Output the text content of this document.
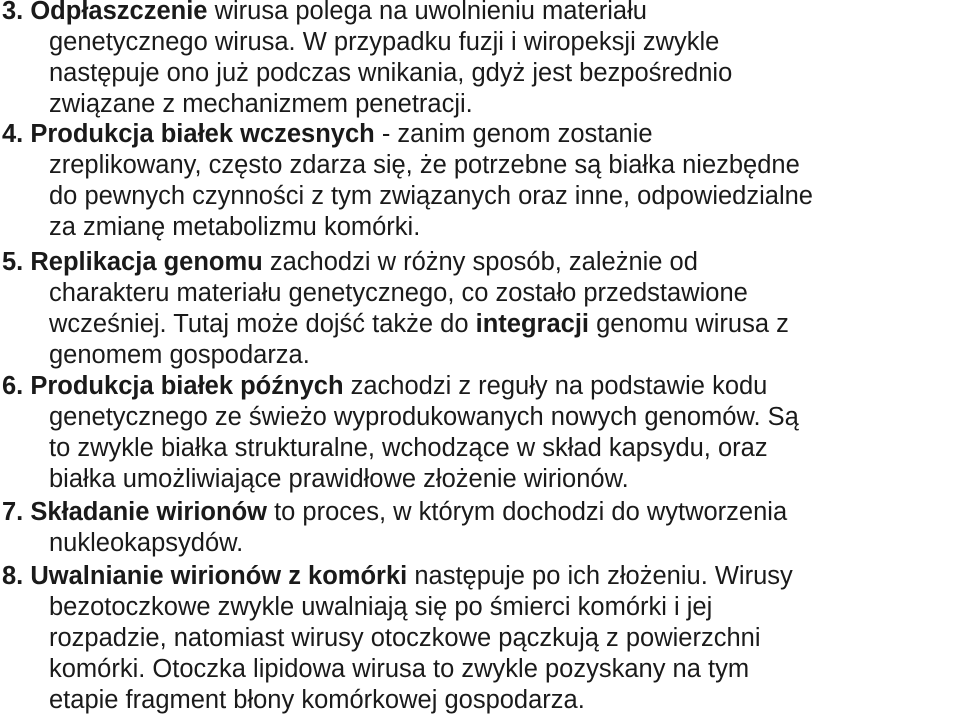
3. Odpłaszczenie wirusa polega na uwolnieniu materiału
genetycznego wirusa. W przypadku fuzji i wiropeksji zwykle
następuje ono już podczas wnikania, gdyż jest bezpośrednio
związane z mechanizmem penetracji.
4. Produkcja białek wczesnych - zanim genom zostanie
zreplikowany, często zdarza się, że potrzebne są białka niezbędne
do pewnych czynności z tym związanych oraz inne, odpowiedzialne
za zmianę metabolizmu komórki.
5. Replikacja genomu zachodzi w różny sposób, zależnie od
charakteru materiału genetycznego, co zostało przedstawione
wcześniej. Tutaj może dojść także do integracji genomu wirusa z
genomem gospodarza.
6. Produkcja białek późnych zachodzi z reguły na podstawie kodu
genetycznego ze świeżo wyprodukowanych nowych genomów. Są
to zwykle białka strukturalne, wchodzące w skład kapsydu, oraz
białka umożliwiające prawidłowe złożenie wirionów.
7. Składanie wirionów to proces, w którym dochodzi do wytworzenia
nukleokapsydów.
8. Uwalnianie wirionów z komórki następuje po ich złożeniu. Wirusy
bezotoczkowe zwykle uwalniają się po śmierci komórki i jej
rozpadzie, natomiast wirusy otoczkowe pączkują z powierzchni
komórki. Otoczka lipidowa wirusa to zwykle pozyskany na tym
etapie fragment błony komórkowej gospodarza.
